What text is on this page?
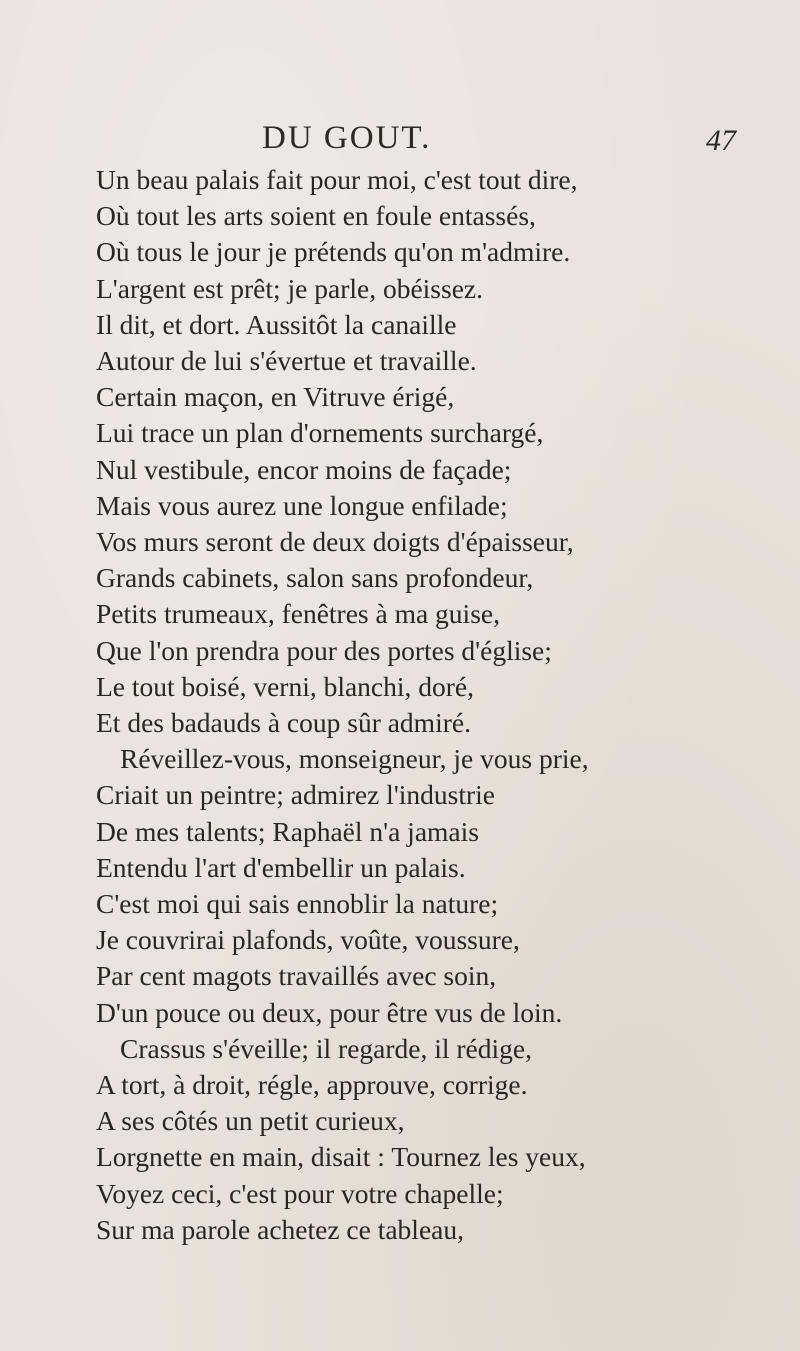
DU GOUT.	47
Un beau palais fait pour moi, c'est tout dire,
Où tout les arts soient en foule entassés,
Où tous le jour je prétends qu'on m'admire.
L'argent est prêt; je parle, obéissez.
Il dit, et dort. Aussitôt la canaille
Autour de lui s'évertue et travaille.
Certain maçon, en Vitruve érigé,
Lui trace un plan d'ornements surchargé,
Nul vestibule, encor moins de façade;
Mais vous aurez une longue enfilade;
Vos murs seront de deux doigts d'épaisseur,
Grands cabinets, salon sans profondeur,
Petits trumeaux, fenêtres à ma guise,
Que l'on prendra pour des portes d'église;
Le tout boisé, verni, blanchi, doré,
Et des badauds à coup sûr admiré.
Réveillez-vous, monseigneur, je vous prie,
Criait un peintre; admirez l'industrie
De mes talents; Raphaël n'a jamais
Entendu l'art d'embellir un palais.
C'est moi qui sais ennoblir la nature;
Je couvrirai plafonds, voûte, voussure,
Par cent magots travaillés avec soin,
D'un pouce ou deux, pour être vus de loin.
Crassus s'éveille; il regarde, il rédige,
A tort, à droit, régle, approuve, corrige.
A ses côtés un petit curieux,
Lorgnette en main, disait : Tournez les yeux,
Voyez ceci, c'est pour votre chapelle;
Sur ma parole achetez ce tableau,
